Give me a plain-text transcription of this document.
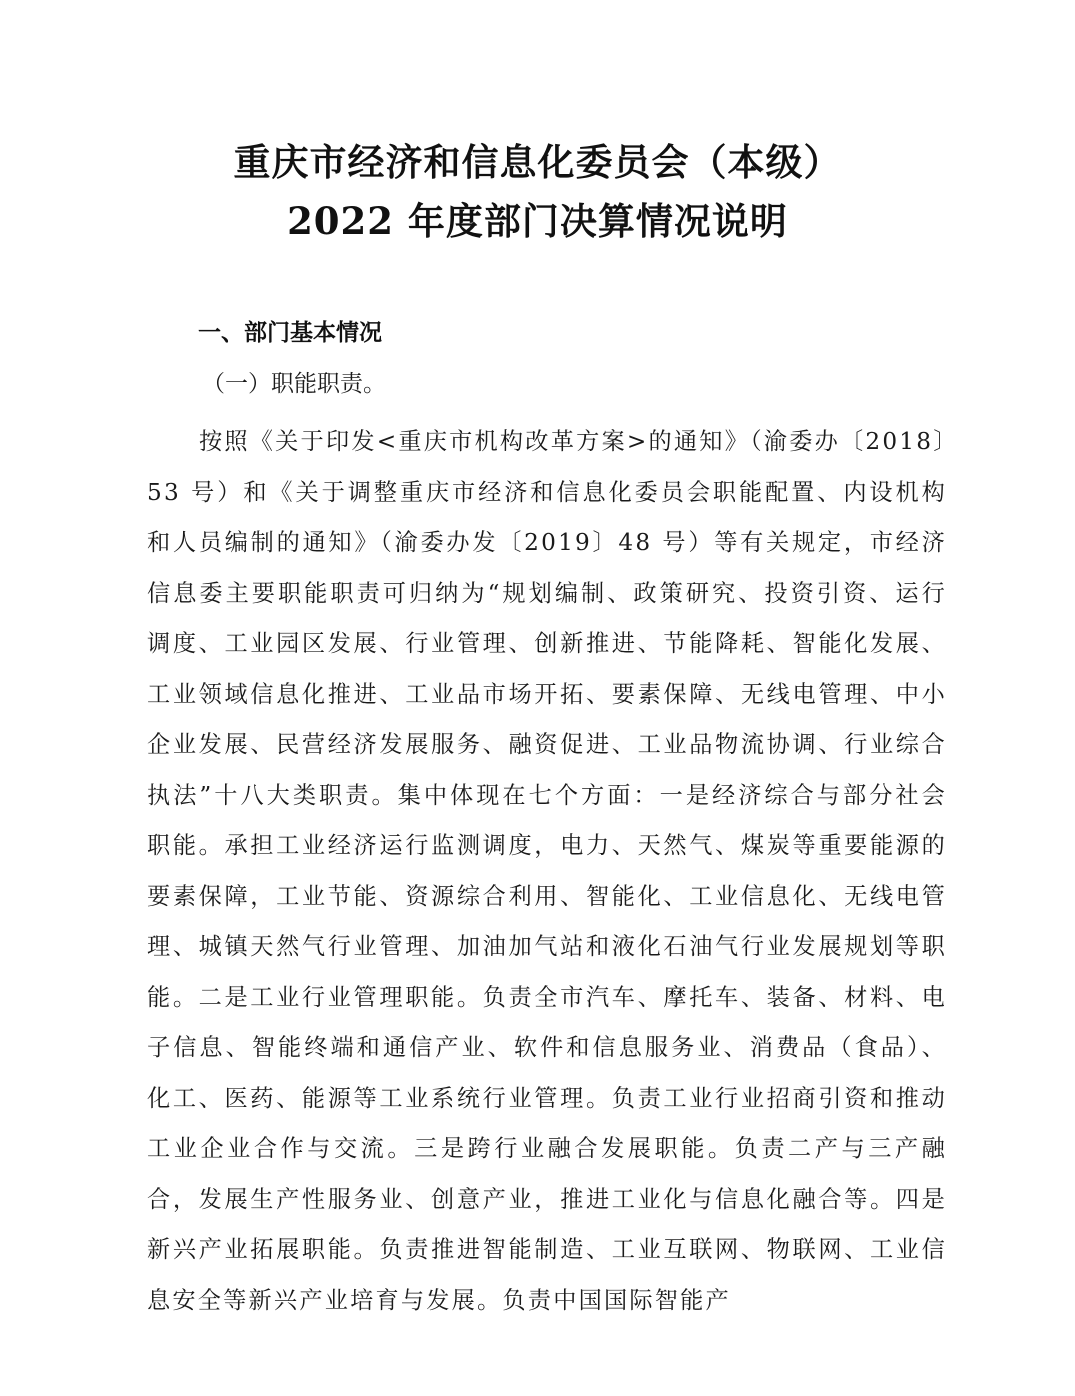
重庆市经济和信息化委员会（本级）
2022 年度部门决算情况说明
一、部门基本情况
（一）职能职责。

按照《关于印发<重庆市机构改革方案>的通知》（渝委办〔2018〕53 号）和《关于调整重庆市经济和信息化委员会职能配置、内设机构和人员编制的通知》（渝委办发〔2019〕48 号）等有关规定，市经济信息委主要职能职责可归纳为“规划编制、政策研究、投资引资、运行调度、工业园区发展、行业管理、创新推进、节能降耗、智能化发展、工业领域信息化推进、工业品市场开拓、要素保障、无线电管理、中小企业发展、民营经济发展服务、融资促进、工业品物流协调、行业综合执法”十八大类职责。集中体现在七个方面：一是经济综合与部分社会职能。承担工业经济运行监测调度，电力、天然气、煤炭等重要能源的要素保障，工业节能、资源综合利用、智能化、工业信息化、无线电管理、城镇天然气行业管理、加油加气站和液化石油气行业发展规划等职能。二是工业行业管理职能。负责全市汽车、摩托车、装备、材料、电子信息、智能终端和通信产业、软件和信息服务业、消费品（食品）、化工、医药、能源等工业系统行业管理。负责工业行业招商引资和推动工业企业合作与交流。三是跨行业融合发展职能。负责二产与三产融合，发展生产性服务业、创意产业，推进工业化与信息化融合等。四是新兴产业拓展职能。负责推进智能制造、工业互联网、物联网、工业信息安全等新兴产业培育与发展。负责中国国际智能产
